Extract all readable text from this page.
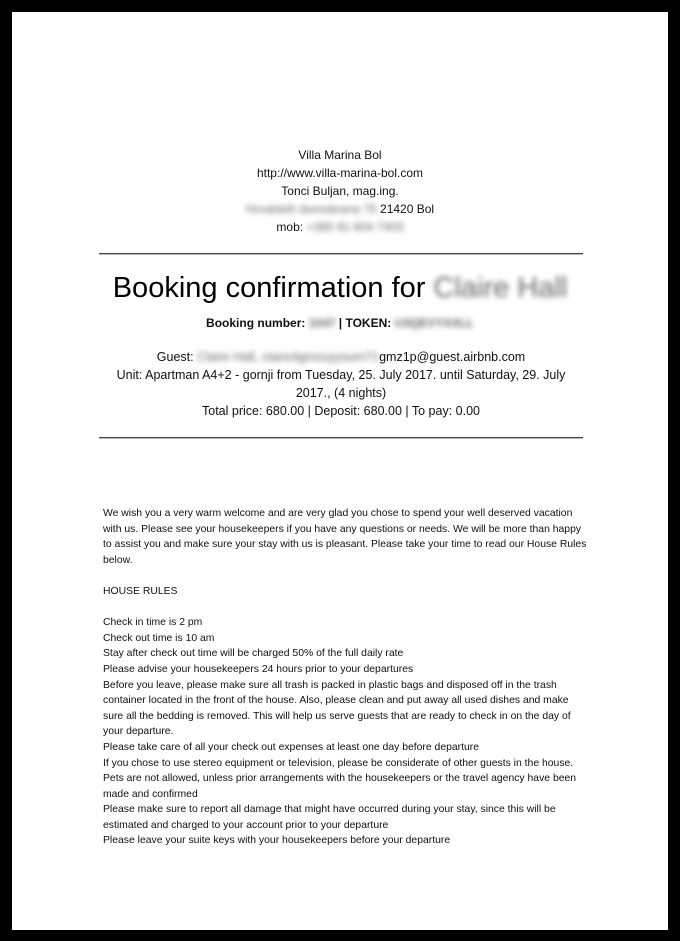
Villa Marina Bol
http://www.villa-marina-bol.com
Tonci Buljan, mag.ing.
Hrvatskih domobrana 75 21420 Bol
mob: +385 91 604 7403
Booking confirmation for Claire Hall
Booking number: 1047 | TOKEN: U3QEVYXXLL
Guest: Claire Hall, claire4gmzuyysum71gmz1p@guest.airbnb.com
Unit: Apartman A4+2 - gornji from Tuesday, 25. July 2017. until Saturday, 29. July 2017., (4 nights)
Total price: 680.00 | Deposit: 680.00 | To pay: 0.00

We wish you a very warm welcome and are very glad you chose to spend your well deserved vacation with us. Please see your housekeepers if you have any questions or needs. We will be more than happy to assist you and make sure your stay with us is pleasant. Please take your time to read our House Rules below.

HOUSE RULES

Check in time is 2 pm

Check out time is 10 am

Stay after check out time will be charged 50% of the full daily rate

Please advise your housekeepers 24 hours prior to your departures

Before you leave, please make sure all trash is packed in plastic bags and disposed off in the trash container located in the front of the house. Also, please clean and put away all used dishes and make sure all the bedding is removed. This will help us serve guests that are ready to check in on the day of your departure.

Please take care of all your check out expenses at least one day before departure

If you chose to use stereo equipment or television, please be considerate of other guests in the house.

Pets are not allowed, unless prior arrangements with the housekeepers or the travel agency have been made and confirmed

Please make sure to report all damage that might have occurred during your stay, since this will be estimated and charged to your account prior to your departure

Please leave your suite keys with your housekeepers before your departure
